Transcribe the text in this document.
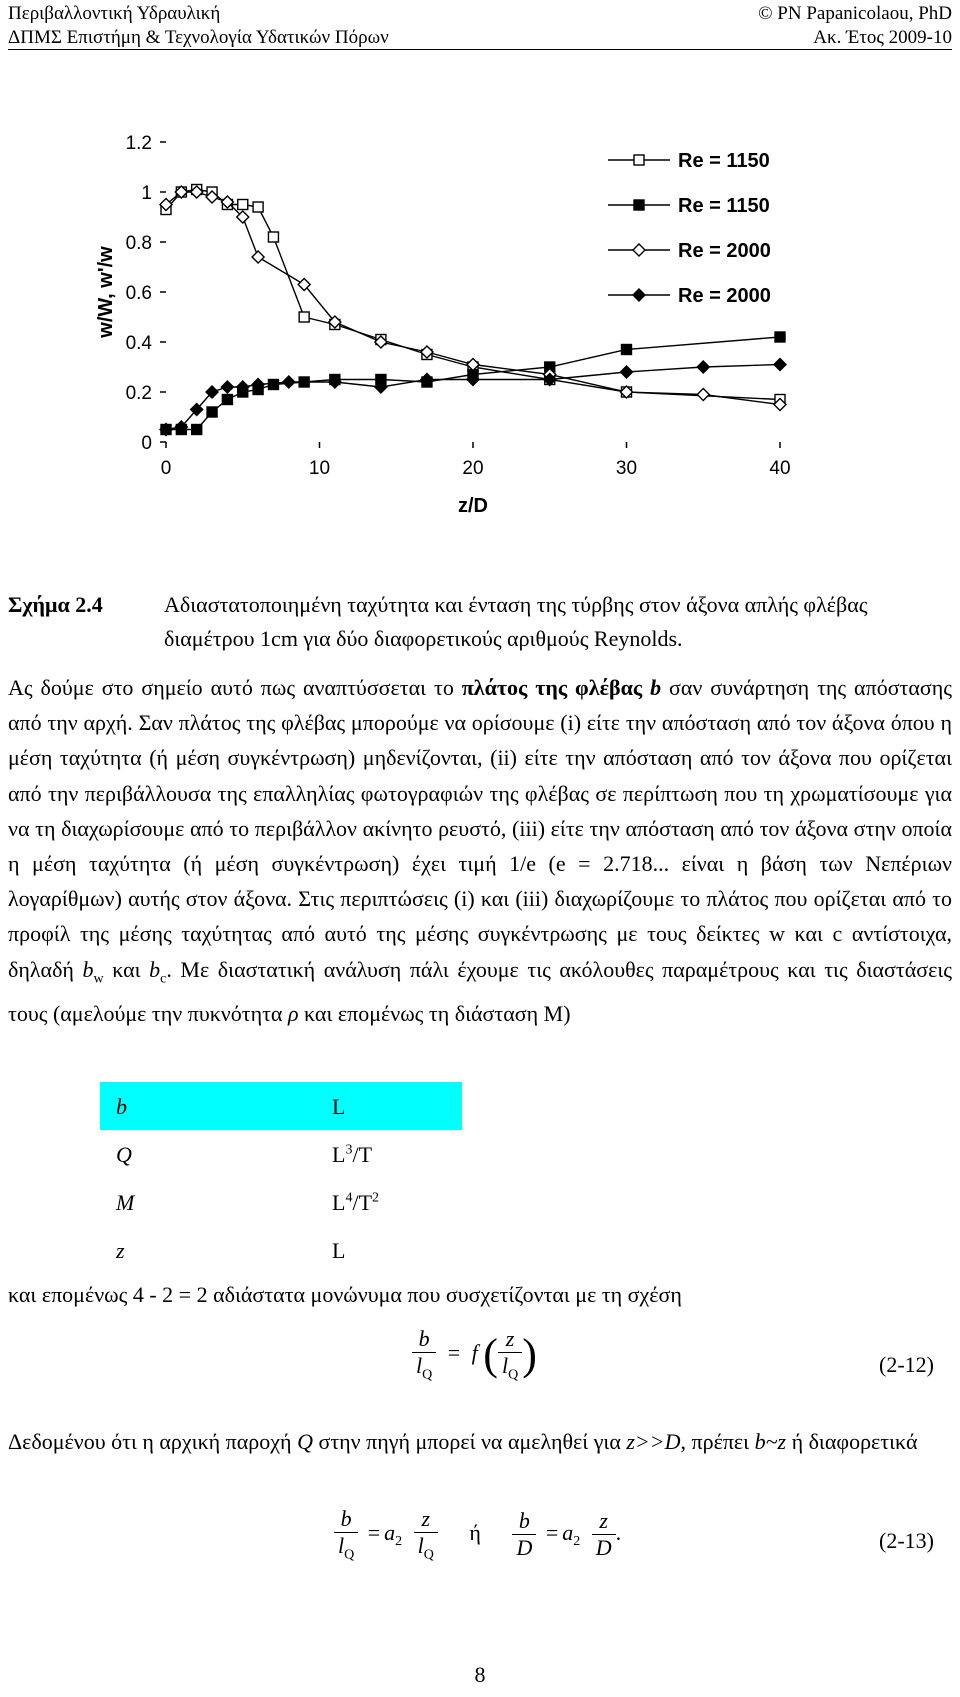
Περιβαλλοντική Υδραυλική	© PN Papanicolaou, PhD
ΔΠΜΣ Επιστήμη & Τεχνολογία Υδατικών Πόρων	Ακ. Έτος 2009-10
0
0.2
0.4
0.6
0.8
1
1.2
0	10	20	30	40
z/D
w/W, w'/w
Re = 1150
Re = 1150
Re = 2000
Re = 2000
Σχήμα 2.4	Αδιαστατοποιημένη ταχύτητα και ένταση της τύρβης στον άξονα απλής φλέβας διαμέτρου 1cm για δύο διαφορετικούς αριθμούς Reynolds.
Ας δούμε στο σημείο αυτό πως αναπτύσσεται το πλάτος της φλέβας b σαν συνάρτηση της απόστασης από την αρχή. Σαν πλάτος της φλέβας μπορούμε να ορίσουμε (i) είτε την απόσταση από τον άξονα όπου η μέση ταχύτητα (ή μέση συγκέντρωση) μηδενίζονται, (ii) είτε την απόσταση από τον άξονα που ορίζεται από την περιβάλλουσα της επαλληλίας φωτογραφιών της φλέβας σε περίπτωση που τη χρωματίσουμε για να τη διαχωρίσουμε από το περιβάλλον ακίνητο ρευστό, (iii) είτε την απόσταση από τον άξονα στην οποία η μέση ταχύτητα (ή μέση συγκέντρωση) έχει τιμή 1/e (e = 2.718... είναι η βάση των Νεπέριων λογαρίθμων) αυτής στον άξονα. Στις περιπτώσεις (i) και (iii) διαχωρίζουμε το πλάτος που ορίζεται από το προφίλ της μέσης ταχύτητας από αυτό της μέσης συγκέντρωσης με τους δείκτες w και c αντίστοιχα, δηλαδή $b_w$ και $b_c$. Με διαστατική ανάλυση πάλι έχουμε τις ακόλουθες παραμέτρους και τις διαστάσεις τους (αμελούμε την πυκνότητα ρ και επομένως τη διάσταση M)
b	L
Q	$L^3/T$
M	$L^4/T^2$
z	L
και επομένως 4 - 2 = 2 αδιάστατα μονώνυμα που συσχετίζονται με τη σχέση
$\frac{b}{l_Q} = f$ ( $\frac{z}{l_Q}$ )	(2-12)
Δεδομένου ότι η αρχική παροχή Q στην πηγή μπορεί να αμεληθεί για z>>D, πρέπει b~z ή διαφορετικά
$\frac{b}{l_Q} = a_2 \frac{z}{l_Q}$ ή $\frac{b}{D} = a_2 \frac{z}{D}$ .	(2-13)
8
